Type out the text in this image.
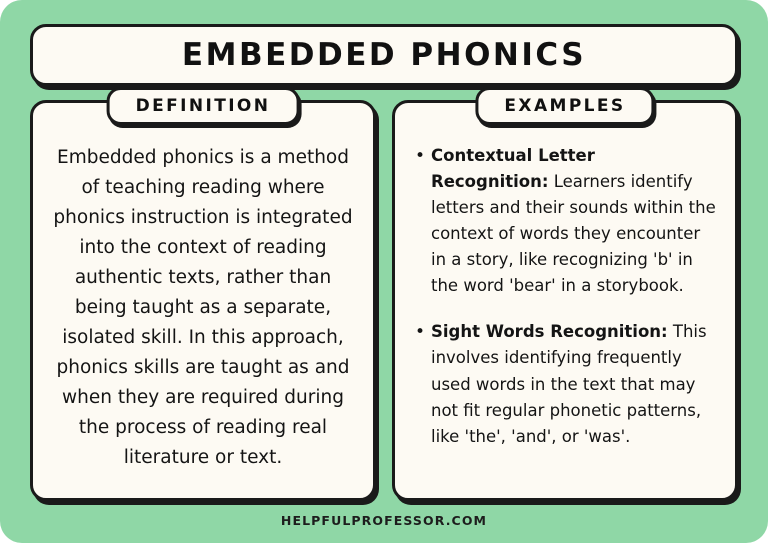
EMBEDDED PHONICS
DEFINITION
Embedded phonics is a method of teaching reading where phonics instruction is integrated into the context of reading authentic texts, rather than being taught as a separate, isolated skill. In this approach, phonics skills are taught as and when they are required during the process of reading real literature or text.
EXAMPLES
• Contextual Letter Recognition: Learners identify letters and their sounds within the context of words they encounter in a story, like recognizing 'b' in the word 'bear' in a storybook.
• Sight Words Recognition: This involves identifying frequently used words in the text that may not fit regular phonetic patterns, like 'the', 'and', or 'was'.
HELPFULPROFESSOR.COM
